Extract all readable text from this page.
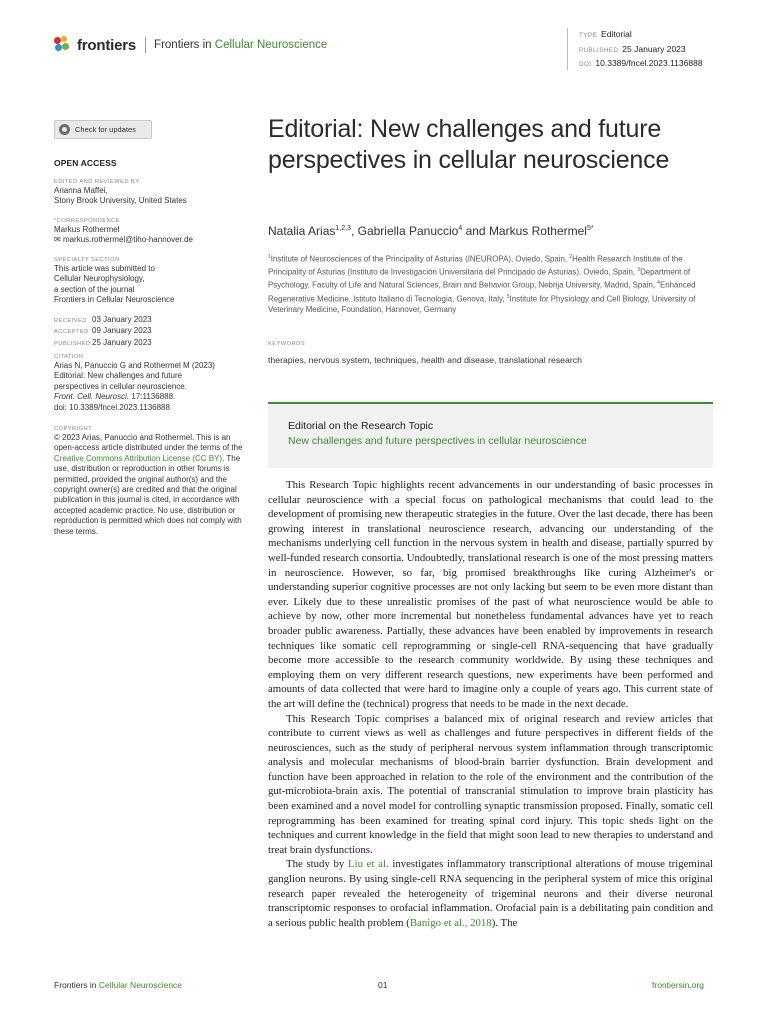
frontiers Frontiers in Cellular Neuroscience
TYPE Editorial
PUBLISHED 25 January 2023
DOI 10.3389/fncel.2023.1136888
Check for updates
OPEN ACCESS
EDITED AND REVIEWED BY
Arianna Maffei,
Stony Brook University, United States
*CORRESPONDENCE
Markus Rothermel
✉ markus.rothermel@tiho-hannover.de
SPECIALTY SECTION
This article was submitted to
Cellular Neurophysiology,
a section of the journal
Frontiers in Cellular Neuroscience
RECEIVED 03 January 2023
ACCEPTED 09 January 2023
PUBLISHED 25 January 2023
CITATION
Arias N, Panuccio G and Rothermel M (2023)
Editorial: New challenges and future
perspectives in cellular neuroscience.
Front. Cell. Neurosci. 17:1136888.
doi: 10.3389/fncel.2023.1136888
COPYRIGHT
© 2023 Arias, Panuccio and Rothermel. This is an open-access article distributed under the terms of the Creative Commons Attribution License (CC BY). The use, distribution or reproduction in other forums is permitted, provided the original author(s) and the copyright owner(s) are credited and that the original publication in this journal is cited, in accordance with accepted academic practice. No use, distribution or reproduction is permitted which does not comply with these terms.
Editorial: New challenges and future perspectives in cellular neuroscience
Natalia Arias$^{1,2,3}$, Gabriella Panuccio$^4$ and Markus Rothermel$^{5*}$
$^1$Institute of Neurosciences of the Principality of Asturias (INEUROPA), Oviedo, Spain, $^2$Health Research Institute of the Principality of Asturias (Instituto de Investigación Universitaria del Principado de Asturias), Oviedo, Spain, $^3$Department of Psychology, Faculty of Life and Natural Sciences, Brain and Behavior Group, Nebrija University, Madrid, Spain, $^4$Enhanced Regenerative Medicine, Istituto Italiano di Tecnologia, Genova, Italy, $^5$Institute for Physiology and Cell Biology, University of Veterinary Medicine, Foundation, Hannover, Germany
KEYWORDS
therapies, nervous system, techniques, health and disease, translational research
Editorial on the Research Topic
New challenges and future perspectives in cellular neuroscience

This Research Topic highlights recent advancements in our understanding of basic processes in cellular neuroscience with a special focus on pathological mechanisms that could lead to the development of promising new therapeutic strategies in the future. Over the last decade, there has been growing interest in translational neuroscience research, advancing our understanding of the mechanisms underlying cell function in the nervous system in health and disease, partially spurred by well-funded research consortia. Undoubtedly, translational research is one of the most pressing matters in neuroscience. However, so far, big promised breakthroughs like curing Alzheimer's or understanding superior cognitive processes are not only lacking but seem to be even more distant than ever. Likely due to these unrealistic promises of the past of what neuroscience would be able to achieve by now, other more incremental but nonetheless fundamental advances have yet to reach broader public awareness. Partially, these advances have been enabled by improvements in research techniques like somatic cell reprogramming or single-cell RNA-sequencing that have gradually become more accessible to the research community worldwide. By using these techniques and employing them on very different research questions, new experiments have been performed and amounts of data collected that were hard to imagine only a couple of years ago. This current state of the art will define the (technical) progress that needs to be made in the next decade.

This Research Topic comprises a balanced mix of original research and review articles that contribute to current views as well as challenges and future perspectives in different fields of the neurosciences, such as the study of peripheral nervous system inflammation through transcriptomic analysis and molecular mechanisms of blood-brain barrier dysfunction. Brain development and function have been approached in relation to the role of the environment and the contribution of the gut-microbiota-brain axis. The potential of transcranial stimulation to improve brain plasticity has been examined and a novel model for controlling synaptic transmission proposed. Finally, somatic cell reprogramming has been examined for treating spinal cord injury. This topic sheds light on the techniques and current knowledge in the field that might soon lead to new therapies to understand and treat brain dysfunctions.

The study by Liu et al. investigates inflammatory transcriptional alterations of mouse trigeminal ganglion neurons. By using single-cell RNA sequencing in the peripheral system of mice this original research paper revealed the heterogeneity of trigeminal neurons and their diverse neuronal transcriptomic responses to orofacial inflammation. Orofacial pain is a debilitating pain condition and a serious public health problem (Banigo et al., 2018). The

Frontiers in Cellular Neuroscience	01	frontiersin.org
